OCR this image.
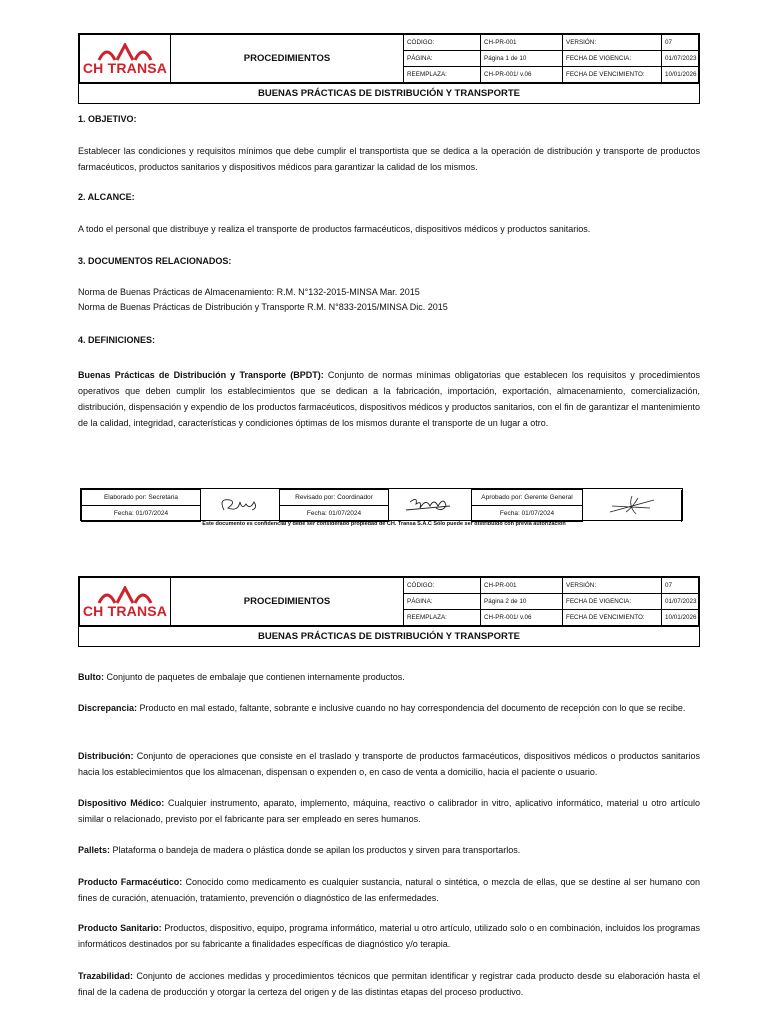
CH TRANSA	PROCEDIMIENTOS	CÓDIGO:	CH-PR-001	VERSIÓN:	07
		PÁGINA:	Página 1 de 10	FECHA DE VIGENCIA:	01/07/2023
		REEMPLAZA:	CH-PR-001/ v.06	FECHA DE VENCIMIENTO:	10/01/2026
BUENAS PRÁCTICAS DE DISTRIBUCIÓN Y TRANSPORTE
1. OBJETIVO:
Establecer las condiciones y requisitos mínimos que debe cumplir el transportista que se dedica a la operación de distribución y transporte de productos farmacéuticos, productos sanitarios y dispositivos médicos para garantizar la calidad de los mismos.
2. ALCANCE:
A todo el personal que distribuye y realiza el transporte de productos farmacéuticos, dispositivos médicos y productos sanitarios.
3. DOCUMENTOS RELACIONADOS:
Norma de Buenas Prácticas de Almacenamiento: R.M. N°132-2015-MINSA Mar. 2015
Norma de Buenas Prácticas de Distribución y Transporte R.M. N°833-2015/MINSA Dic. 2015
4. DEFINICIONES:
Buenas Prácticas de Distribución y Transporte (BPDT): Conjunto de normas mínimas obligatorias que establecen los requisitos y procedimientos operativos que deben cumplir los establecimientos que se dedican a la fabricación, importación, exportación, almacenamiento, comercialización, distribución, dispensación y expendio de los productos farmacéuticos, dispositivos médicos y productos sanitarios, con el fin de garantizar el mantenimiento de la calidad, integridad, características y condiciones óptimas de los mismos durante el transporte de un lugar a otro.
Elaborado por: Secretaria		Revisado por: Coordinador		Aprobado por: Gerente General	
Fecha: 01/07/2024		Fecha: 01/07/2024		Fecha: 01/07/2024	
Este documento es confidencial y debe ser considerado propiedad de CH. Transa S.A.C Sólo puede ser distribuido con previa autorización
CH TRANSA	PROCEDIMIENTOS	CÓDIGO:	CH-PR-001	VERSIÓN:	07
		PÁGINA:	Página 2 de 10	FECHA DE VIGENCIA:	01/07/2023
		REEMPLAZA:	CH-PR-001/ v.06	FECHA DE VENCIMIENTO:	10/01/2026
BUENAS PRÁCTICAS DE DISTRIBUCIÓN Y TRANSPORTE
Bulto: Conjunto de paquetes de embalaje que contienen internamente productos.
Discrepancia: Producto en mal estado, faltante, sobrante e inclusive cuando no hay correspondencia del documento de recepción con lo que se recibe.
Distribución: Conjunto de operaciones que consiste en el traslado y transporte de productos farmacéuticos, dispositivos médicos o productos sanitarios hacia los establecimientos que los almacenan, dispensan o expenden o, en caso de venta a domicilio, hacia el paciente o usuario.
Dispositivo Médico: Cualquier instrumento, aparato, implemento, máquina, reactivo o calibrador in vitro, aplicativo informático, material u otro artículo similar o relacionado, previsto por el fabricante para ser empleado en seres humanos.
Pallets: Plataforma o bandeja de madera o plástica donde se apilan los productos y sirven para transportarlos.
Producto Farmacéutico: Conocido como medicamento es cualquier sustancia, natural o sintética, o mezcla de ellas, que se destine al ser humano con fines de curación, atenuación, tratamiento, prevención o diagnóstico de las enfermedades.
Producto Sanitario: Productos, dispositivo, equipo, programa informático, material u otro artículo, utilizado solo o en combinación, incluidos los programas informáticos destinados por su fabricante a finalidades específicas de diagnóstico y/o terapia.
Trazabilidad: Conjunto de acciones medidas y procedimientos técnicos que permitan identificar y registrar cada producto desde su elaboración hasta el final de la cadena de producción y otorgar la certeza del origen y de las distintas etapas del proceso productivo.
